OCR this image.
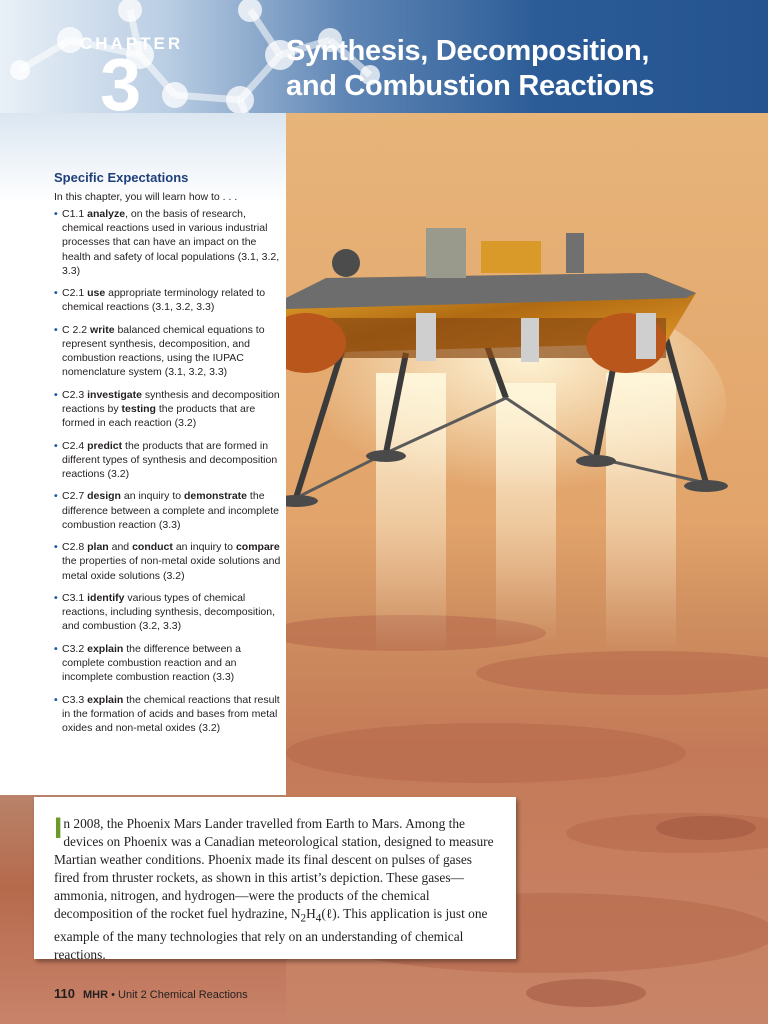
CHAPTER
3	Synthesis, Decomposition,
and Combustion Reactions
Specific Expectations
In this chapter, you will learn how to . . .
• C1.1 analyze, on the basis of research, chemical reactions used in various industrial processes that can have an impact on the health and safety of local populations (3.1, 3.2, 3.3)
• C2.1 use appropriate terminology related to chemical reactions (3.1, 3.2, 3.3)
• C 2.2 write balanced chemical equations to represent synthesis, decomposition, and combustion reactions, using the IUPAC nomenclature system (3.1, 3.2, 3.3)
• C2.3 investigate synthesis and decomposition reactions by testing the products that are formed in each reaction (3.2)
• C2.4 predict the products that are formed in different types of synthesis and decomposition reactions (3.2)
• C2.7 design an inquiry to demonstrate the difference between a complete and incomplete combustion reaction (3.3)
• C2.8 plan and conduct an inquiry to compare the properties of non-metal oxide solutions and metal oxide solutions (3.2)
• C3.1 identify various types of chemical reactions, including synthesis, decomposition, and combustion (3.2, 3.3)
• C3.2 explain the difference between a complete combustion reaction and an incomplete combustion reaction (3.3)
• C3.3 explain the chemical reactions that result in the formation of acids and bases from metal oxides and non-metal oxides (3.2)

In 2008, the Phoenix Mars Lander travelled from Earth to Mars. Among the devices on Phoenix was a Canadian meteorological station, designed to measure Martian weather conditions. Phoenix made its final descent on pulses of gases fired from thruster rockets, as shown in this artist’s depiction. These gases—ammonia, nitrogen, and hydrogen—were the products of the chemical decomposition of the rocket fuel hydrazine, $N_2H_4(\ell)$. This application is just one example of the many technologies that rely on an understanding of chemical reactions.

110 MHR • Unit 2 Chemical Reactions
